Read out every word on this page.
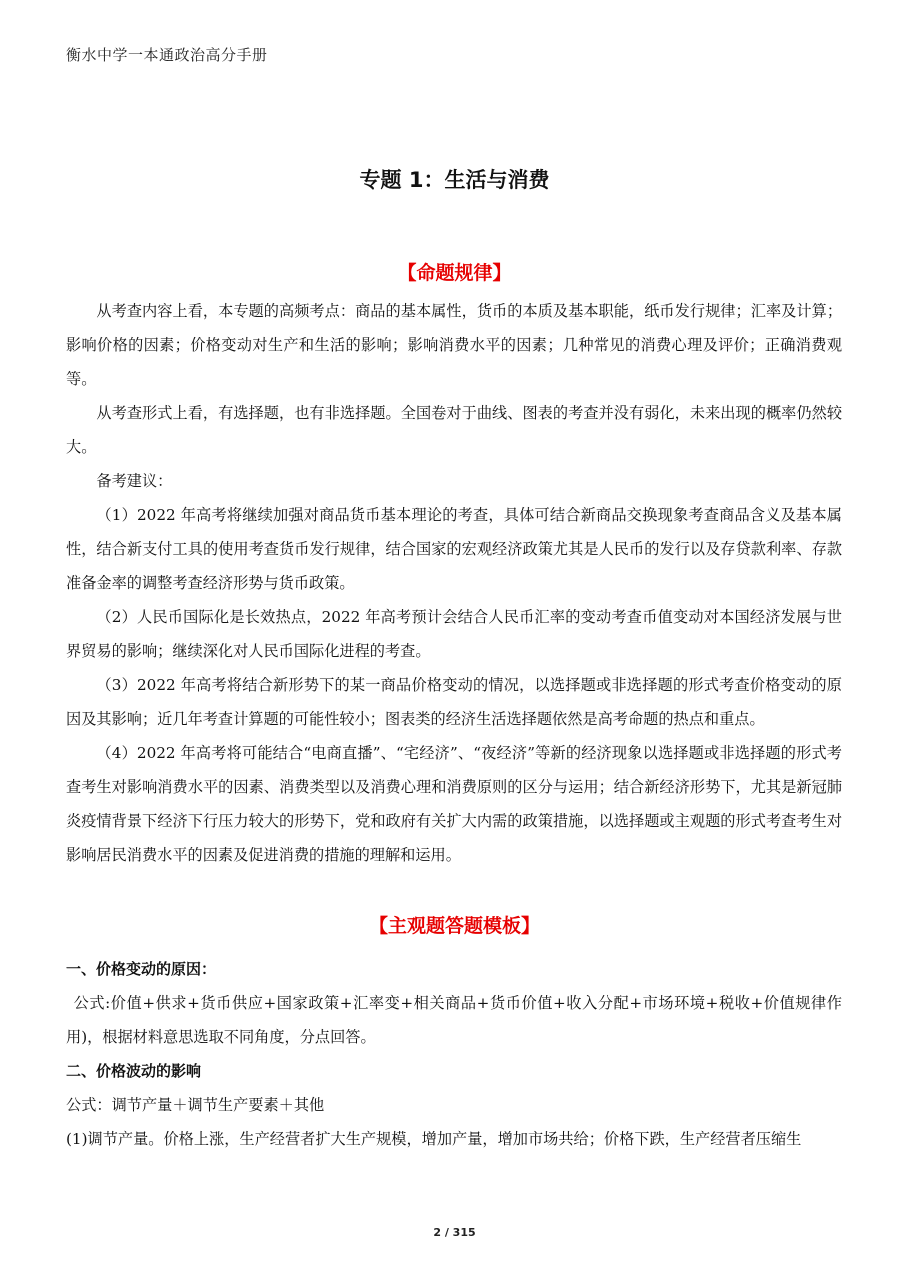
衡水中学一本通政治高分手册
专题 1：生活与消费
【命题规律】

从考查内容上看，本专题的高频考点：商品的基本属性，货币的本质及基本职能，纸币发行规律；汇率及计算；影响价格的因素；价格变动对生产和生活的影响；影响消费水平的因素；几种常见的消费心理及评价；正确消费观等。

从考查形式上看，有选择题，也有非选择题。全国卷对于曲线、图表的考查并没有弱化，未来出现的概率仍然较大。

备考建议：

（1）2022 年高考将继续加强对商品货币基本理论的考查，具体可结合新商品交换现象考查商品含义及基本属性，结合新支付工具的使用考查货币发行规律，结合国家的宏观经济政策尤其是人民币的发行以及存贷款利率、存款准备金率的调整考查经济形势与货币政策。

（2）人民币国际化是长效热点，2022 年高考预计会结合人民币汇率的变动考查币值变动对本国经济发展与世界贸易的影响；继续深化对人民币国际化进程的考查。

（3）2022 年高考将结合新形势下的某一商品价格变动的情况，以选择题或非选择题的形式考查价格变动的原因及其影响；近几年考查计算题的可能性较小；图表类的经济生活选择题依然是高考命题的热点和重点。

（4）2022 年高考将可能结合“电商直播”、“宅经济”、“夜经济”等新的经济现象以选择题或非选择题的形式考查考生对影响消费水平的因素、消费类型以及消费心理和消费原则的区分与运用；结合新经济形势下，尤其是新冠肺炎疫情背景下经济下行压力较大的形势下，党和政府有关扩大内需的政策措施，以选择题或主观题的形式考查考生对影响居民消费水平的因素及促进消费的措施的理解和运用。

【主观题答题模板】

一、价格变动的原因：

公式:价值+供求+货币供应+国家政策+汇率变+相关商品+货币价值+收入分配+市场环境+税收+价值规律作用)，根据材料意思选取不同角度，分点回答。

二、价格波动的影响

公式：调节产量＋调节生产要素＋其他

(1)调节产量。价格上涨，生产经营者扩大生产规模，增加产量，增加市场共给；价格下跌，生产经营者压缩生

2 / 315
